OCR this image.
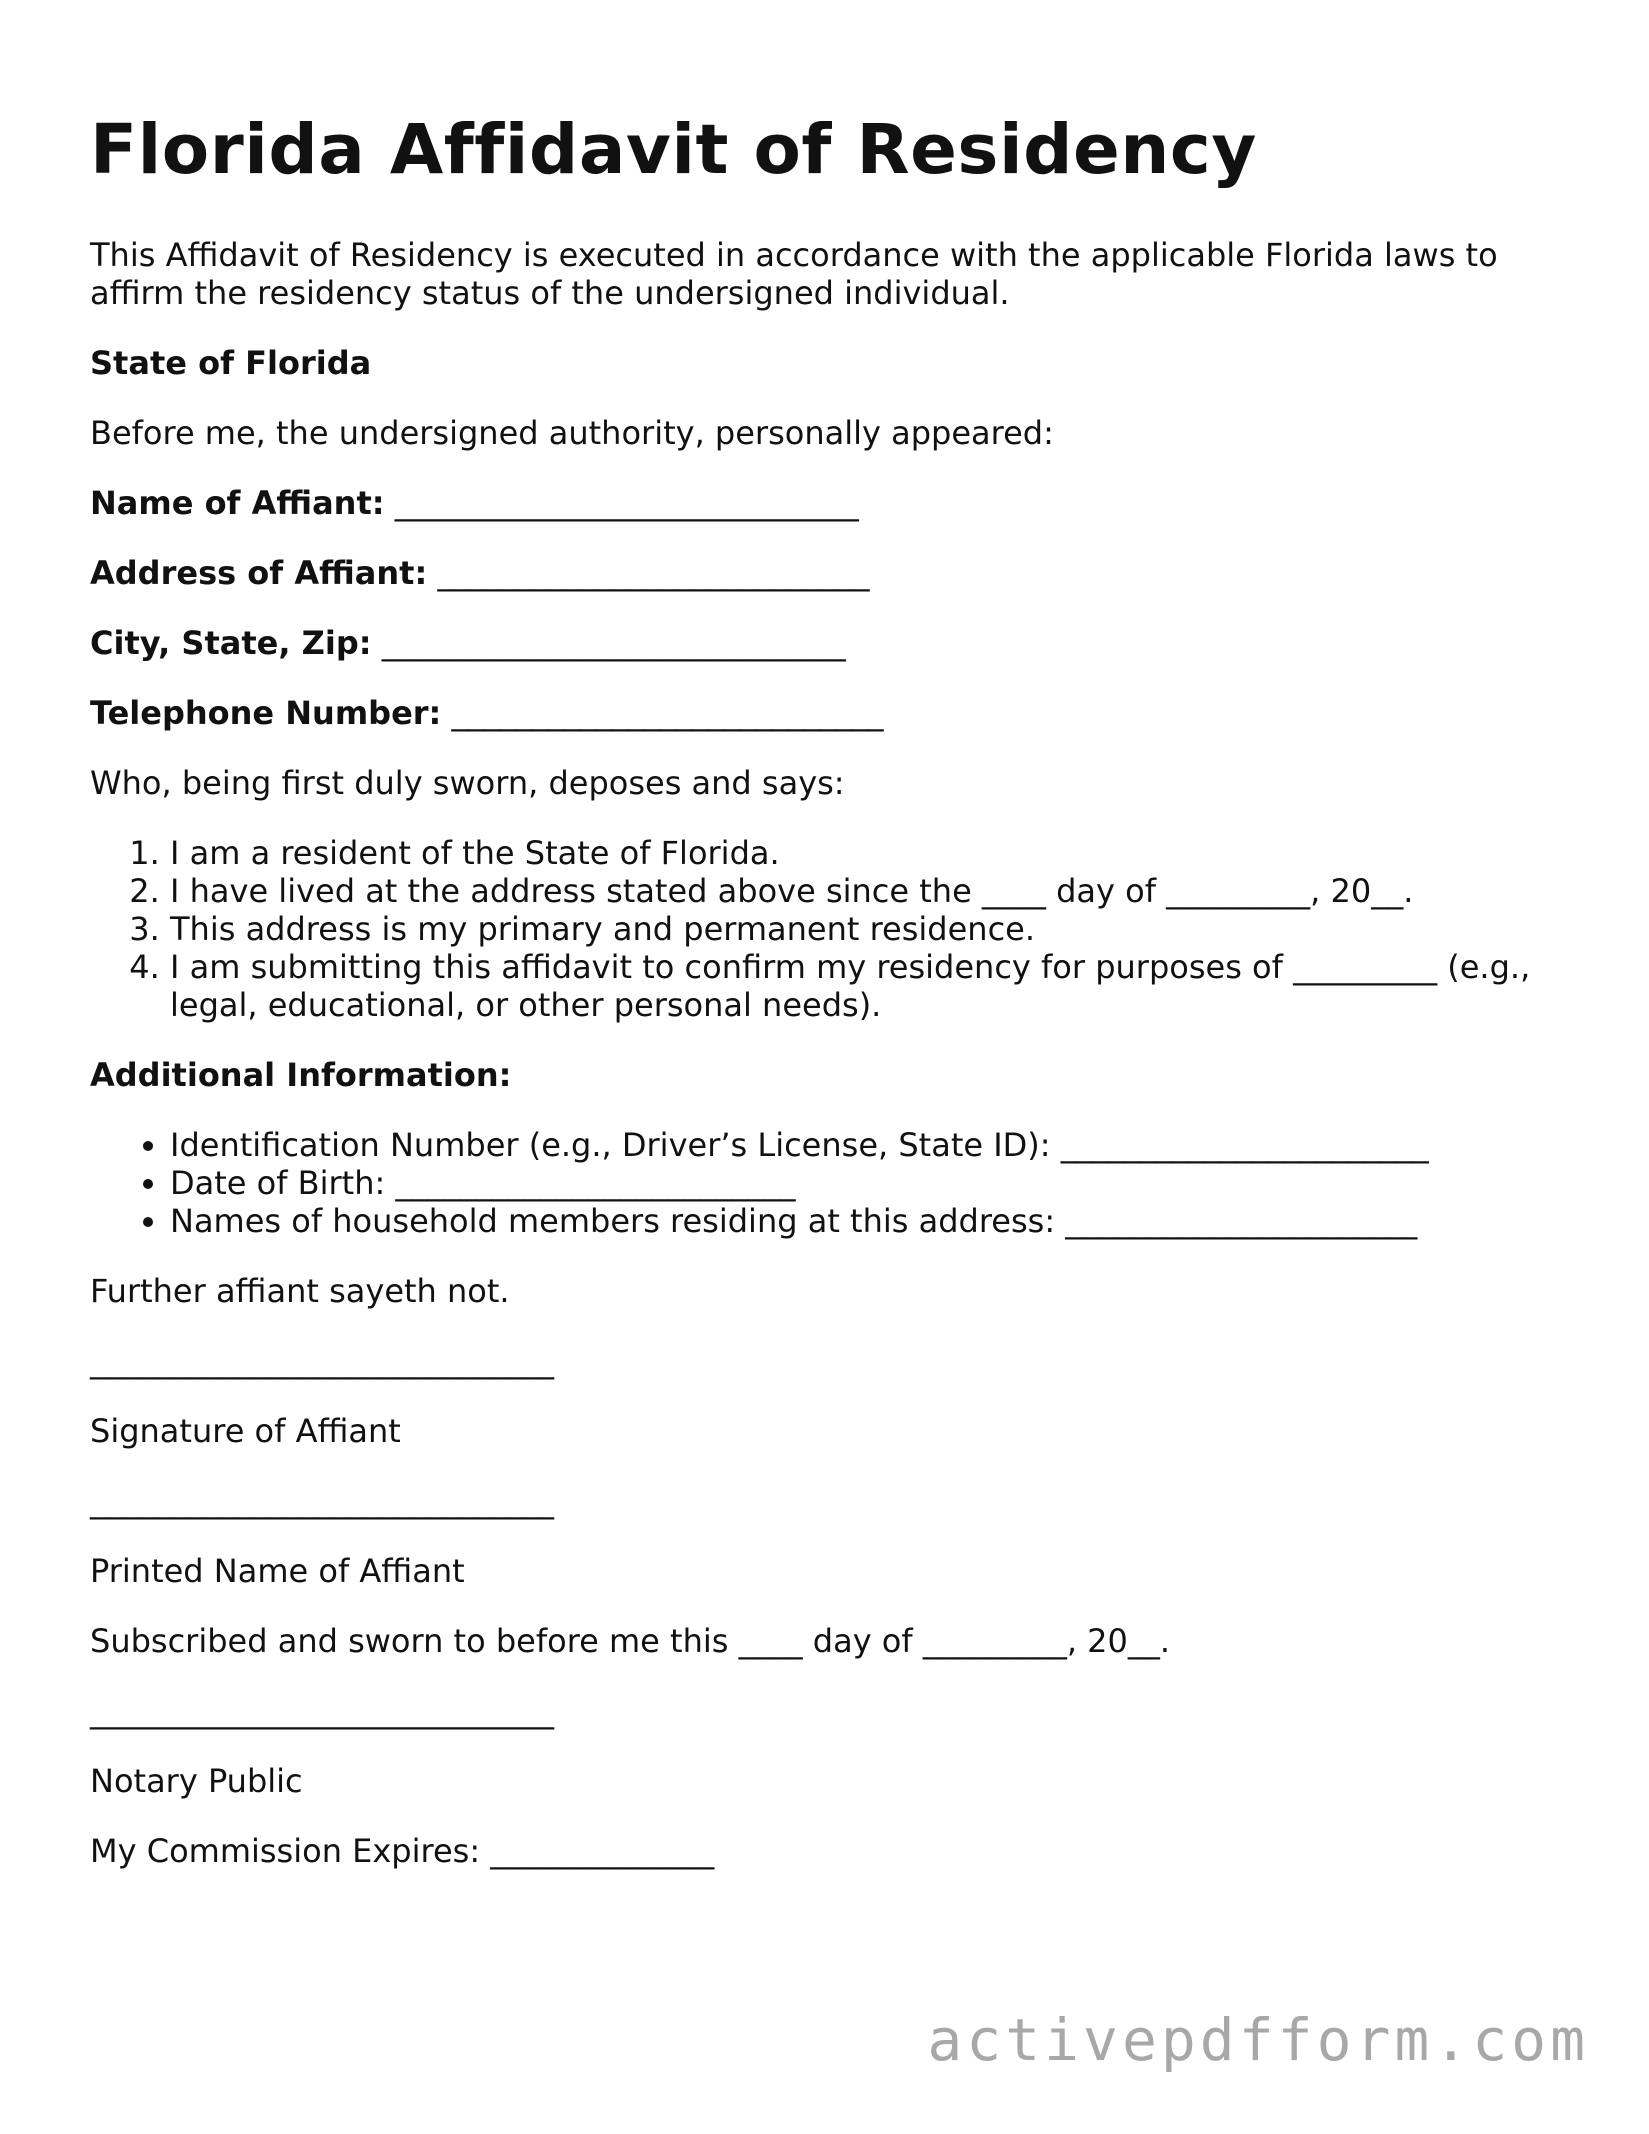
Florida Affidavit of Residency

This Affidavit of Residency is executed in accordance with the applicable Florida laws to affirm the residency status of the undersigned individual.

State of Florida

Before me, the undersigned authority, personally appeared:

Name of Affiant: _____________________________

Address of Affiant: ___________________________

City, State, Zip: _____________________________

Telephone Number: ___________________________

Who, being first duly sworn, deposes and says:

1. I am a resident of the State of Florida.
2. I have lived at the address stated above since the ____ day of _________, 20__.
3. This address is my primary and permanent residence.
4. I am submitting this affidavit to confirm my residency for purposes of _________ (e.g., legal, educational, or other personal needs).

Additional Information:

• Identification Number (e.g., Driver’s License, State ID): _______________________
• Date of Birth: _________________________
• Names of household members residing at this address: ______________________

Further affiant sayeth not.

_____________________________

Signature of Affiant

_____________________________

Printed Name of Affiant

Subscribed and sworn to before me this ____ day of _________, 20__.

_____________________________

Notary Public

My Commission Expires: ______________

activepdfform.com
